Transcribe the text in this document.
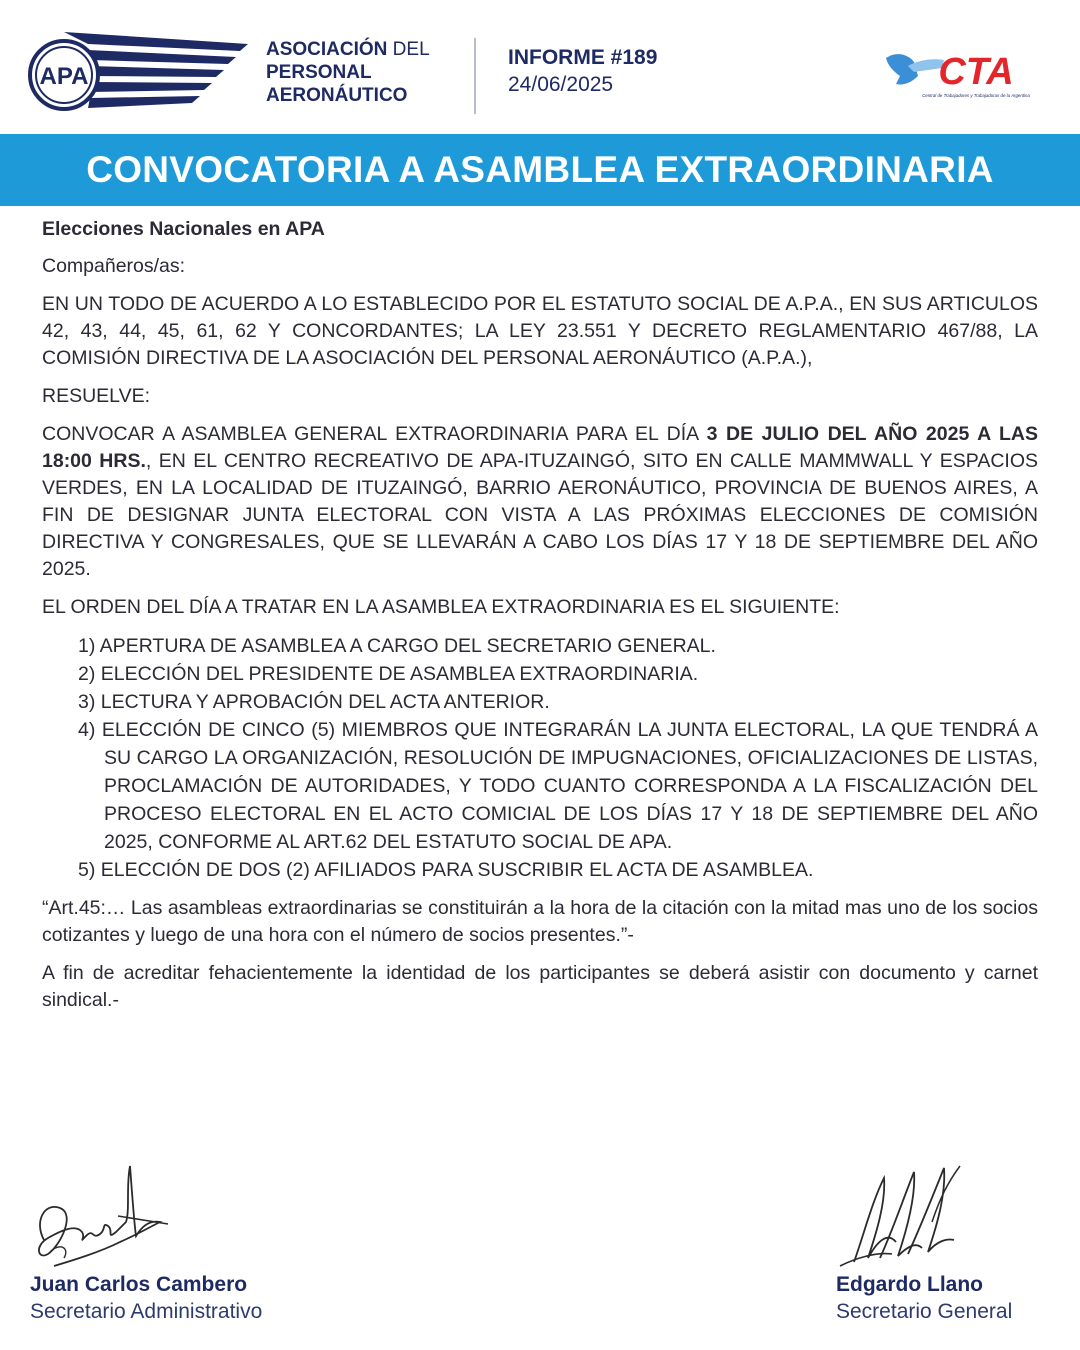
APA
ASOCIACIÓN DEL
PERSONAL
AERONÁUTICO
INFORME #189
24/06/2025	CTA
Central de Trabajadores y Trabajadoras de la Argentina
CONVOCATORIA A ASAMBLEA EXTRAORDINARIA
Elecciones Nacionales en APA
Compañeros/as:
EN UN TODO DE ACUERDO A LO ESTABLECIDO POR EL ESTATUTO SOCIAL DE A.P.A., EN SUS ARTICULOS 42, 43, 44, 45, 61, 62 Y CONCORDANTES; LA LEY 23.551 Y DECRETO REGLAMENTARIO 467/88, LA COMISIÓN DIRECTIVA DE LA ASOCIACIÓN DEL PERSONAL AERONÁUTICO (A.P.A.),
RESUELVE:
CONVOCAR A ASAMBLEA GENERAL EXTRAORDINARIA PARA EL DÍA 3 DE JULIO DEL AÑO 2025 A LAS 18:00 HRS., EN EL CENTRO RECREATIVO DE APA-ITUZAINGÓ, SITO EN CALLE MAMMWALL Y ESPACIOS VERDES, EN LA LOCALIDAD DE ITUZAINGÓ, BARRIO AERONÁUTICO, PROVINCIA DE BUENOS AIRES, A FIN DE DESIGNAR JUNTA ELECTORAL CON VISTA A LAS PRÓXIMAS ELECCIONES DE COMISIÓN DIRECTIVA Y CONGRESALES, QUE SE LLEVARÁN A CABO LOS DÍAS 17 Y 18 DE SEPTIEMBRE DEL AÑO 2025.
EL ORDEN DEL DÍA A TRATAR EN LA ASAMBLEA EXTRAORDINARIA ES EL SIGUIENTE:
1) APERTURA DE ASAMBLEA A CARGO DEL SECRETARIO GENERAL.
2) ELECCIÓN DEL PRESIDENTE DE ASAMBLEA EXTRAORDINARIA.
3) LECTURA Y APROBACIÓN DEL ACTA ANTERIOR.
4) ELECCIÓN DE CINCO (5) MIEMBROS QUE INTEGRARÁN LA JUNTA ELECTORAL, LA QUE TENDRÁ A SU CARGO LA ORGANIZACIÓN, RESOLUCIÓN DE IMPUGNACIONES, OFICIALIZACIONES DE LISTAS, PROCLAMACIÓN DE AUTORIDADES, Y TODO CUANTO CORRESPONDA A LA FISCALIZACIÓN DEL PROCESO ELECTORAL EN EL ACTO COMICIAL DE LOS DÍAS 17 Y 18 DE SEPTIEMBRE DEL AÑO 2025, CONFORME AL ART.62 DEL ESTATUTO SOCIAL DE APA.
5) ELECCIÓN DE DOS (2) AFILIADOS PARA SUSCRIBIR EL ACTA DE ASAMBLEA.
“Art.45:… Las asambleas extraordinarias se constituirán a la hora de la citación con la mitad mas uno de los socios cotizantes y luego de una hora con el número de socios presentes.”-
A fin de acreditar fehacientemente la identidad de los participantes se deberá asistir con documento y carnet sindical.-
Juan Carlos Cambero
Secretario Administrativo
Edgardo Llano
Secretario General
